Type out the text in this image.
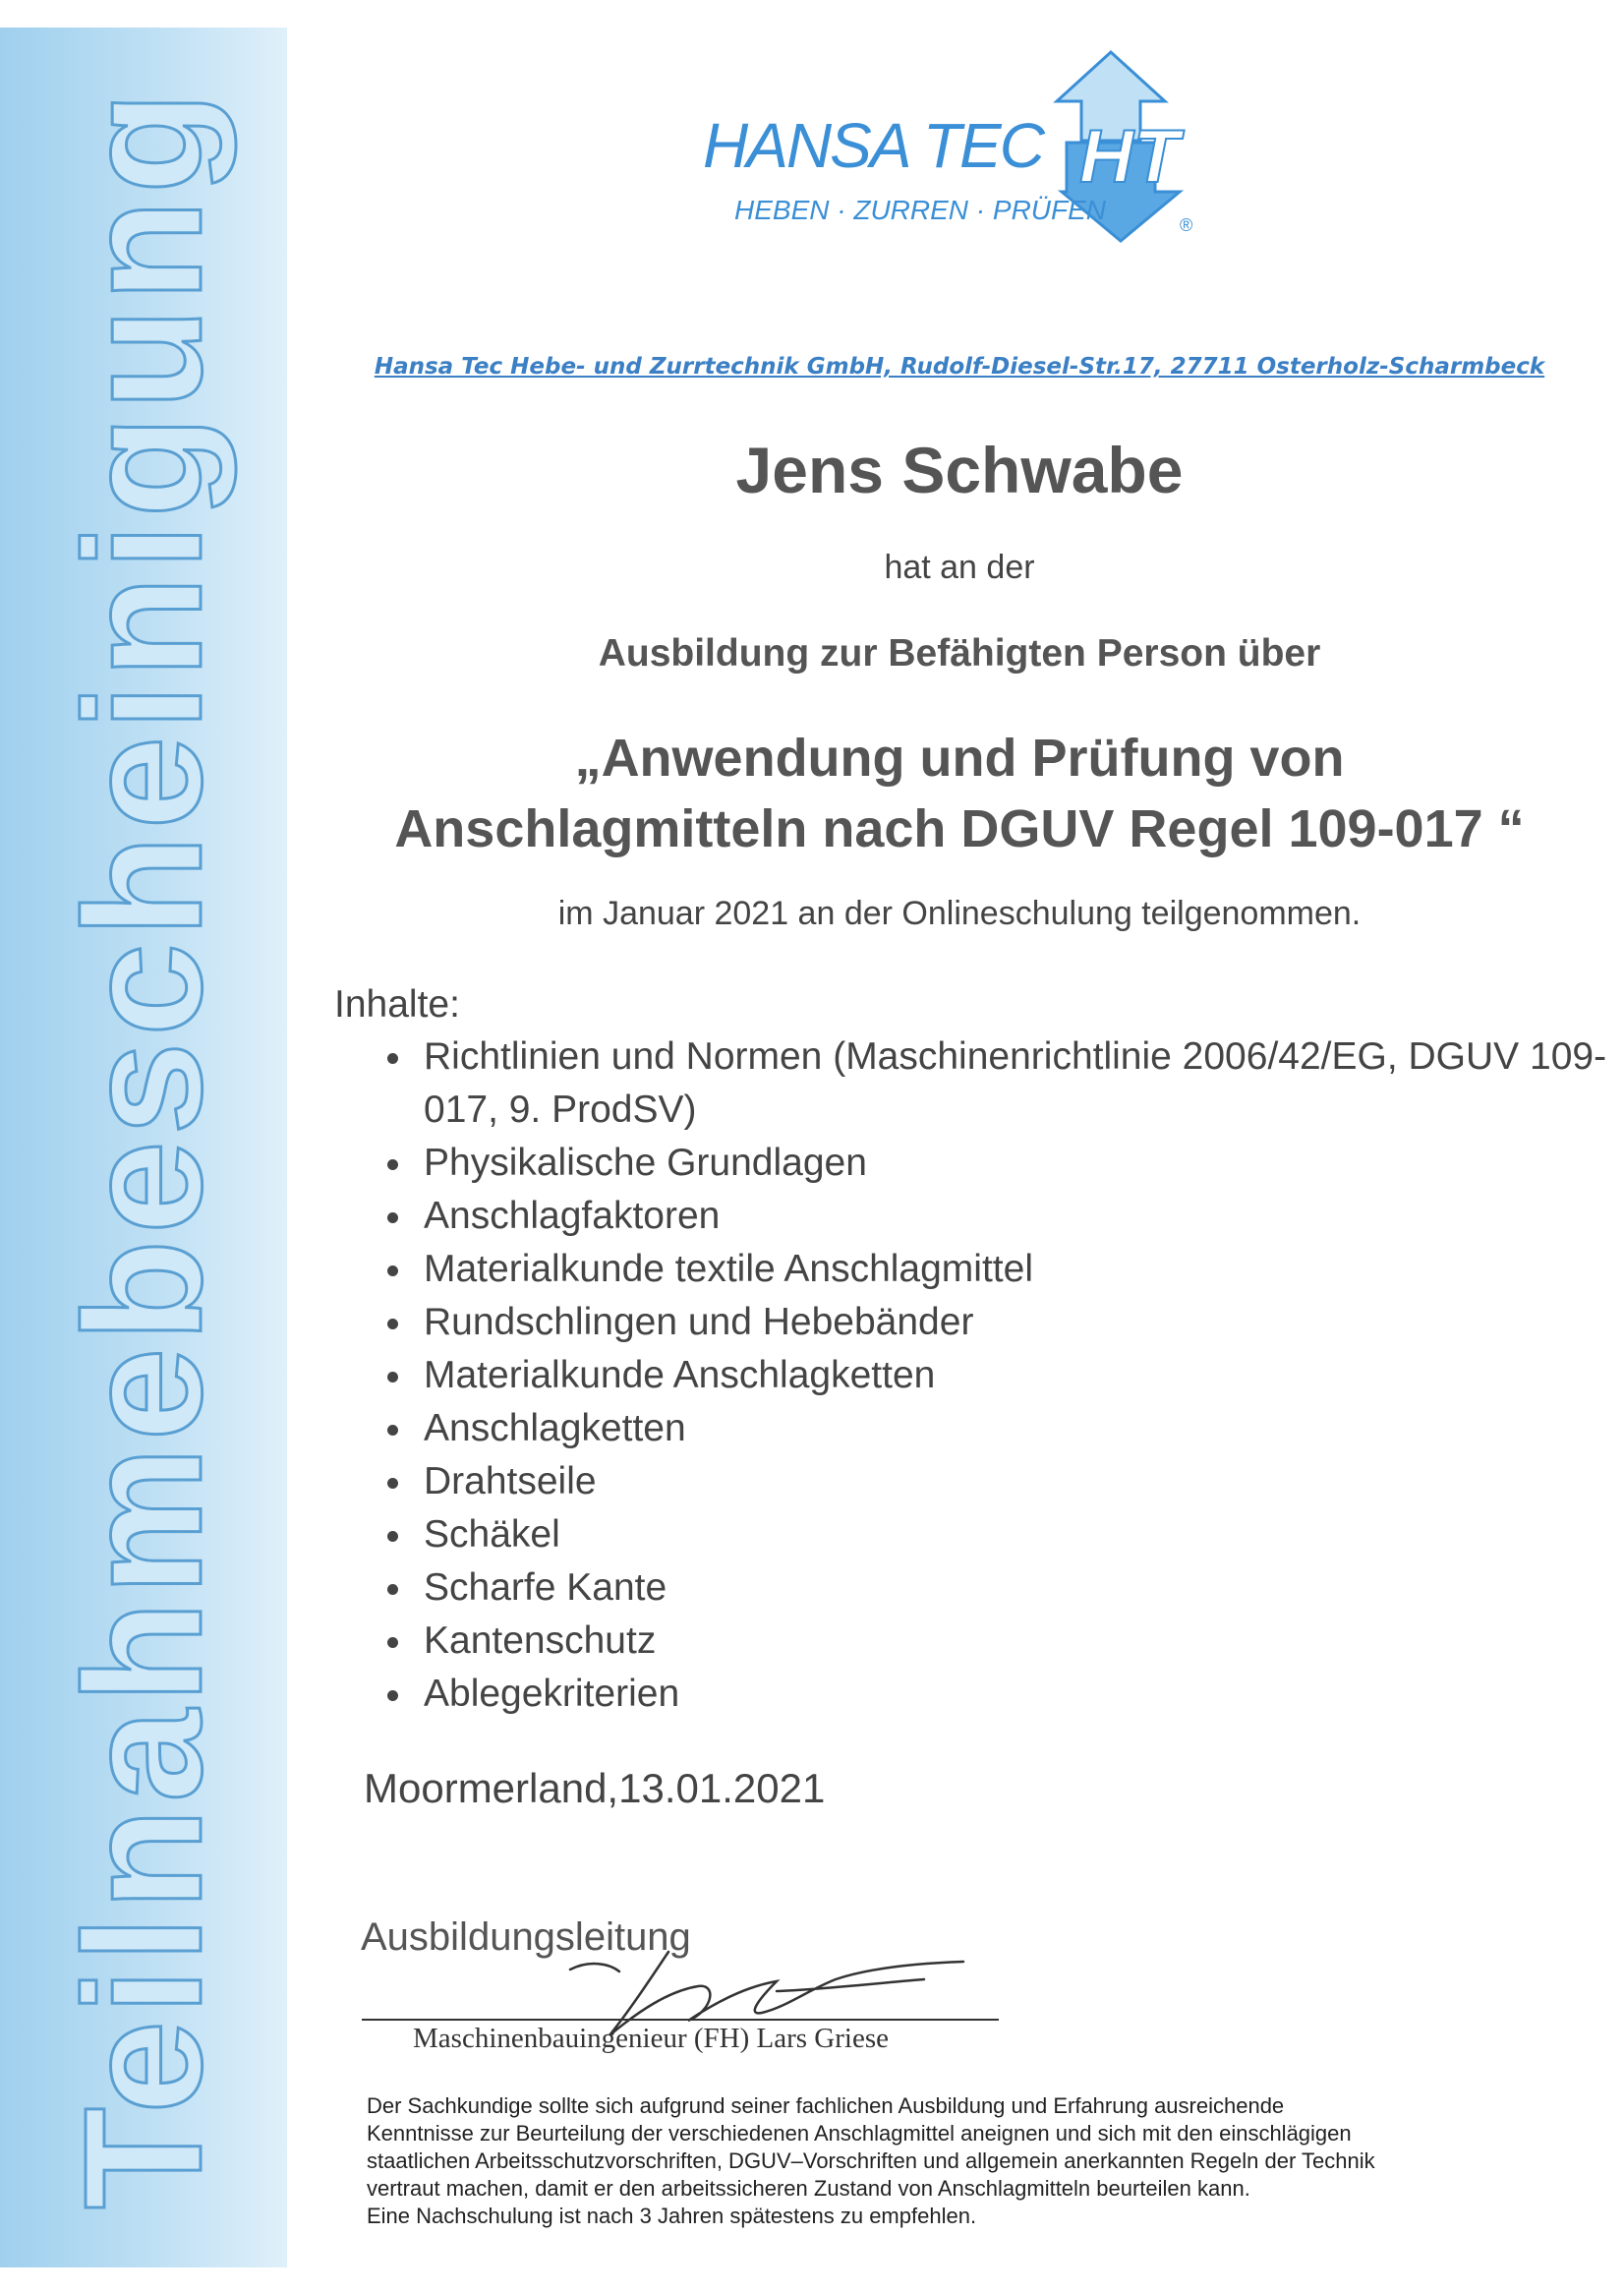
Teilnahmebescheinigung	HANSA TEC HT
HEBEN · ZURREN · PRÜFEN	®
Hansa Tec Hebe- und Zurrtechnik GmbH, Rudolf-Diesel-Str.17, 27711 Osterholz-Scharmbeck
Jens Schwabe
hat an der
Ausbildung zur Befähigten Person über
„Anwendung und Prüfung von
Anschlagmitteln nach DGUV Regel 109-017 “
im Januar 2021 an der Onlineschulung teilgenommen.
Inhalte:
• Richtlinien und Normen (Maschinenrichtlinie 2006/42/EG, DGUV 109-017, 9. ProdSV)
• Physikalische Grundlagen
• Anschlagfaktoren
• Materialkunde textile Anschlagmittel
• Rundschlingen und Hebebänder
• Materialkunde Anschlagketten
• Anschlagketten
• Drahtseile
• Schäkel
• Scharfe Kante
• Kantenschutz
• Ablegekriterien
Moormerland,13.01.2021
Ausbildungsleitung
Maschinenbauingenieur (FH) Lars Griese
Der Sachkundige sollte sich aufgrund seiner fachlichen Ausbildung und Erfahrung ausreichende
Kenntnisse zur Beurteilung der verschiedenen Anschlagmittel aneignen und sich mit den einschlägigen
staatlichen Arbeitsschutzvorschriften, DGUV–Vorschriften und allgemein anerkannten Regeln der Technik
vertraut machen, damit er den arbeitssicheren Zustand von Anschlagmitteln beurteilen kann.
Eine Nachschulung ist nach 3 Jahren spätestens zu empfehlen.
